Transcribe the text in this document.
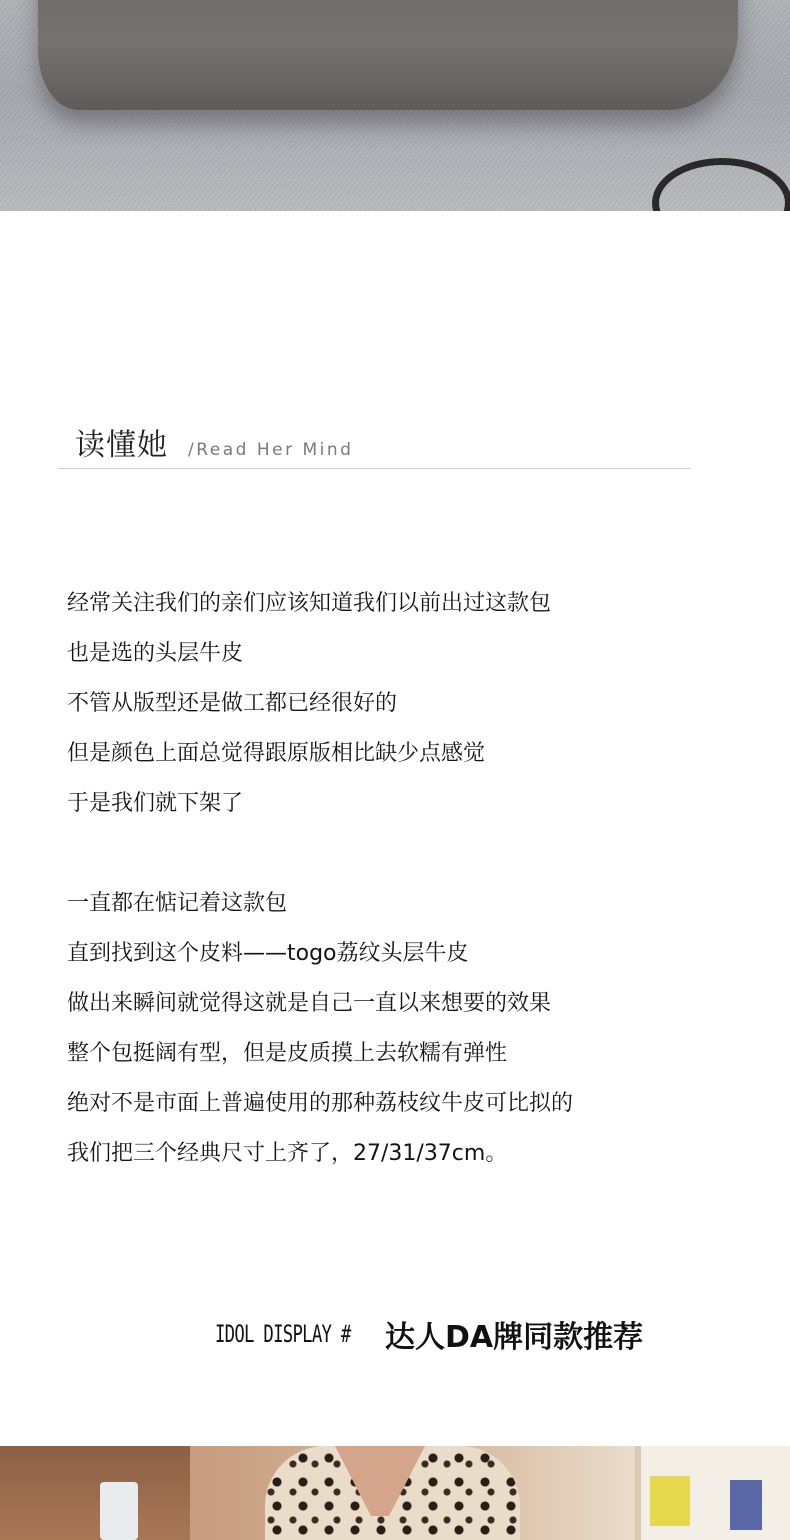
读懂她 /Read Her Mind
经常关注我们的亲们应该知道我们以前出过这款包
也是选的头层牛皮
不管从版型还是做工都已经很好的
但是颜色上面总觉得跟原版相比缺少点感觉
于是我们就下架了
一直都在惦记着这款包
直到找到这个皮料——togo荔纹头层牛皮
做出来瞬间就觉得这就是自己一直以来想要的效果
整个包挺阔有型，但是皮质摸上去软糯有弹性
绝对不是市面上普遍使用的那种荔枝纹牛皮可比拟的
我们把三个经典尺寸上齐了，27/31/37cm。
IDOL DISPLAY # 达人DA牌同款推荐
